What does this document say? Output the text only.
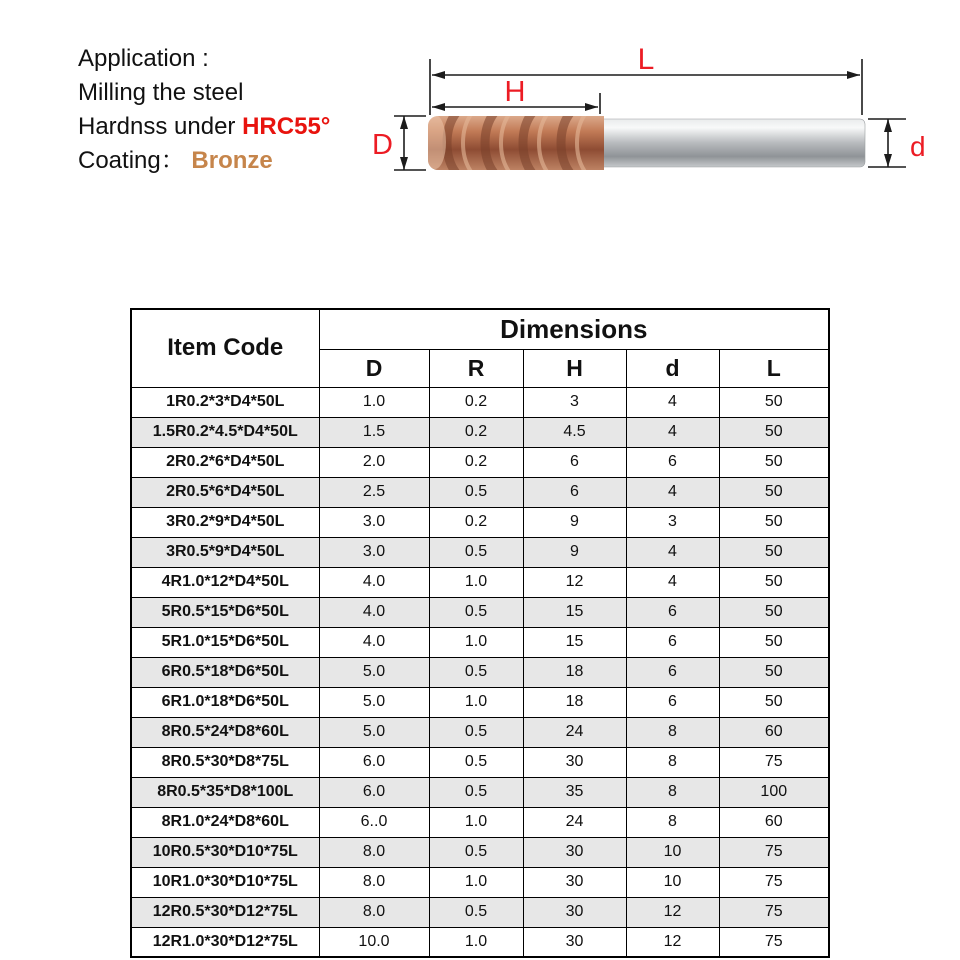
Application :
Milling the steel
Hardnss under HRC55°
Coating： Bronze
L
H
D	d
Item Code	Dimensions				
	D	R	H	d	L
1R0.2*3*D4*50L	1.0	0.2	3	4	50
1.5R0.2*4.5*D4*50L	1.5	0.2	4.5	4	50
2R0.2*6*D4*50L	2.0	0.2	6	6	50
2R0.5*6*D4*50L	2.5	0.5	6	4	50
3R0.2*9*D4*50L	3.0	0.2	9	3	50
3R0.5*9*D4*50L	3.0	0.5	9	4	50
4R1.0*12*D4*50L	4.0	1.0	12	4	50
5R0.5*15*D6*50L	4.0	0.5	15	6	50
5R1.0*15*D6*50L	4.0	1.0	15	6	50
6R0.5*18*D6*50L	5.0	0.5	18	6	50
6R1.0*18*D6*50L	5.0	1.0	18	6	50
8R0.5*24*D8*60L	5.0	0.5	24	8	60
8R0.5*30*D8*75L	6.0	0.5	30	8	75
8R0.5*35*D8*100L	6.0	0.5	35	8	100
8R1.0*24*D8*60L	6..0	1.0	24	8	60
10R0.5*30*D10*75L	8.0	0.5	30	10	75
10R1.0*30*D10*75L	8.0	1.0	30	10	75
12R0.5*30*D12*75L	8.0	0.5	30	12	75
12R1.0*30*D12*75L	10.0	1.0	30	12	75
